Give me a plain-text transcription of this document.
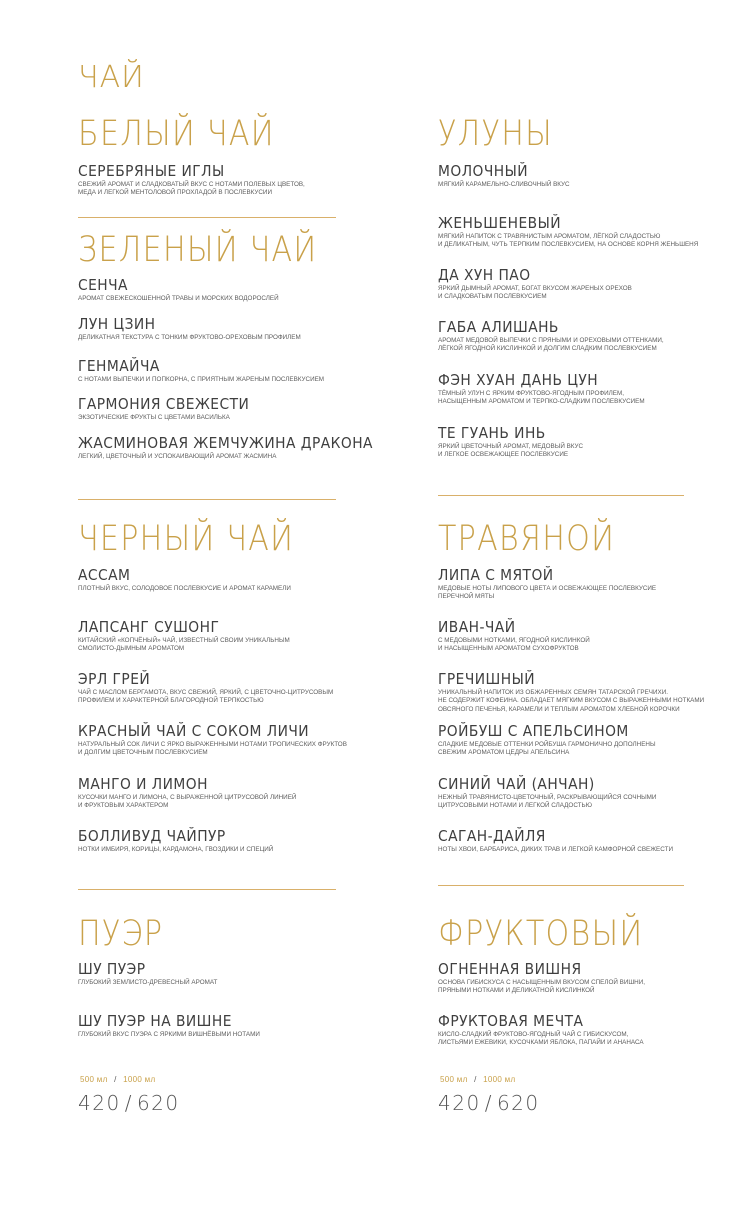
ЧАЙ
БЕЛЫЙ ЧАЙ
СЕРЕБРЯНЫЕ ИГЛЫ
СВЕЖИЙ АРОМАТ И СЛАДКОВАТЫЙ ВКУС С НОТАМИ ПОЛЕВЫХ ЦВЕТОВ,
МЕДА И ЛЕГКОЙ МЕНТОЛОВОЙ ПРОХЛАДОЙ В ПОСЛЕВКУСИИ
ЗЕЛЕНЫЙ ЧАЙ
СЕНЧА
АРОМАТ СВЕЖЕСКОШЕННОЙ ТРАВЫ И МОРСКИХ ВОДОРОСЛЕЙ
ЛУН ЦЗИН
ДЕЛИКАТНАЯ ТЕКСТУРА С ТОНКИМ ФРУКТОВО-ОРЕХОВЫМ ПРОФИЛЕМ
ГЕНМАЙЧА
С НОТАМИ ВЫПЕЧКИ И ПОПКОРНА, С ПРИЯТНЫМ ЖАРЕНЫМ ПОСЛЕВКУСИЕМ
ГАРМОНИЯ СВЕЖЕСТИ
ЭКЗОТИЧЕСКИЕ ФРУКТЫ С ЦВЕТАМИ ВАСИЛЬКА
ЖАСМИНОВАЯ ЖЕМЧУЖИНА ДРАКОНА
ЛЕГКИЙ, ЦВЕТОЧНЫЙ И УСПОКАИВАЮЩИЙ АРОМАТ ЖАСМИНА
ЧЕРНЫЙ ЧАЙ
АССАМ
ПЛОТНЫЙ ВКУС, СОЛОДОВОЕ ПОСЛЕВКУСИЕ И АРОМАТ КАРАМЕЛИ
ЛАПСАНГ СУШОНГ
КИТАЙСКИЙ «КОПЧЁНЫЙ» ЧАЙ, ИЗВЕСТНЫЙ СВОИМ УНИКАЛЬНЫМ
СМОЛИСТО-ДЫМНЫМ АРОМАТОМ
ЭРЛ ГРЕЙ
ЧАЙ С МАСЛОМ БЕРГАМОТА, ВКУС СВЕЖИЙ, ЯРКИЙ, С ЦВЕТОЧНО-ЦИТРУСОВЫМ
ПРОФИЛЕМ И ХАРАКТЕРНОЙ БЛАГОРОДНОЙ ТЕРПКОСТЬЮ
КРАСНЫЙ ЧАЙ С СОКОМ ЛИЧИ
НАТУРАЛЬНЫЙ СОК ЛИЧИ С ЯРКО ВЫРАЖЕННЫМИ НОТАМИ ТРОПИЧЕСКИХ ФРУКТОВ
И ДОЛГИМ ЦВЕТОЧНЫМ ПОСЛЕВКУСИЕМ
МАНГО И ЛИМОН
КУСОЧКИ МАНГО И ЛИМОНА, С ВЫРАЖЕННОЙ ЦИТРУСОВОЙ ЛИНИЕЙ
И ФРУКТОВЫМ ХАРАКТЕРОМ
БОЛЛИВУД ЧАЙПУР
НОТКИ ИМБИРЯ, КОРИЦЫ, КАРДАМОНА, ГВОЗДИКИ И СПЕЦИЙ
ПУЭР
ШУ ПУЭР
ГЛУБОКИЙ ЗЕМЛИСТО-ДРЕВЕСНЫЙ АРОМАТ
ШУ ПУЭР НА ВИШНЕ
ГЛУБОКИЙ ВКУС ПУЭРА С ЯРКИМИ ВИШНЁВЫМИ НОТАМИ
500 мл / 1000 мл
420 / 620
УЛУНЫ
МОЛОЧНЫЙ
МЯГКИЙ КАРАМЕЛЬНО-СЛИВОЧНЫЙ ВКУС
ЖЕНЬШЕНЕВЫЙ
МЯГКИЙ НАПИТОК С ТРАВЯНИСТЫМ АРОМАТОМ, ЛЁГКОЙ СЛАДОСТЬЮ
И ДЕЛИКАТНЫМ, ЧУТЬ ТЕРПКИМ ПОСЛЕВКУСИЕМ, НА ОСНОВЕ КОРНЯ ЖЕНЬШЕНЯ
ДА ХУН ПАО
ЯРКИЙ ДЫМНЫЙ АРОМАТ, БОГАТ ВКУСОМ ЖАРЕНЫХ ОРЕХОВ
И СЛАДКОВАТЫМ ПОСЛЕВКУСИЕМ
ГАБА АЛИШАНЬ
АРОМАТ МЕДОВОЙ ВЫПЕЧКИ С ПРЯНЫМИ И ОРЕХОВЫМИ ОТТЕНКАМИ,
ЛЁГКОЙ ЯГОДНОЙ КИСЛИНКОЙ И ДОЛГИМ СЛАДКИМ ПОСЛЕВКУСИЕМ
ФЭН ХУАН ДАНЬ ЦУН
ТЁМНЫЙ УЛУН С ЯРКИМ ФРУКТОВО-ЯГОДНЫМ ПРОФИЛЕМ,
НАСЫЩЕННЫМ АРОМАТОМ И ТЕРПКО-СЛАДКИМ ПОСЛЕВКУСИЕМ
ТЕ ГУАНЬ ИНЬ
ЯРКИЙ ЦВЕТОЧНЫЙ АРОМАТ, МЕДОВЫЙ ВКУС
И ЛЕГКОЕ ОСВЕЖАЮЩЕЕ ПОСЛЕВКУСИЕ
ТРАВЯНОЙ
ЛИПА С МЯТОЙ
МЕДОВЫЕ НОТЫ ЛИПОВОГО ЦВЕТА И ОСВЕЖАЮЩЕЕ ПОСЛЕВКУСИЕ
ПЕРЕЧНОЙ МЯТЫ
ИВАН-ЧАЙ
С МЕДОВЫМИ НОТКАМИ, ЯГОДНОЙ КИСЛИНКОЙ
И НАСЫЩЕННЫМ АРОМАТОМ СУХОФРУКТОВ
ГРЕЧИШНЫЙ
УНИКАЛЬНЫЙ НАПИТОК ИЗ ОБЖАРЕННЫХ СЕМЯН ТАТАРСКОЙ ГРЕЧИХИ.
НЕ СОДЕРЖИТ КОФЕИНА. ОБЛАДАЕТ МЯГКИМ ВКУСОМ С ВЫРАЖЕННЫМИ НОТКАМИ
ОВСЯНОГО ПЕЧЕНЬЯ, КАРАМЕЛИ И ТЕПЛЫМ АРОМАТОМ ХЛЕБНОЙ КОРОЧКИ
РОЙБУШ С АПЕЛЬСИНОМ
СЛАДКИЕ МЕДОВЫЕ ОТТЕНКИ РОЙБУША ГАРМОНИЧНО ДОПОЛНЕНЫ
СВЕЖИМ АРОМАТОМ ЦЕДРЫ АПЕЛЬСИНА
СИНИЙ ЧАЙ (АНЧАН)
НЕЖНЫЙ ТРАВЯНИСТО-ЦВЕТОЧНЫЙ, РАСКРЫВАЮЩИЙСЯ СОЧНЫМИ
ЦИТРУСОВЫМИ НОТАМИ И ЛЕГКОЙ СЛАДОСТЬЮ
САГАН-ДАЙЛЯ
НОТЫ ХВОИ, БАРБАРИСА, ДИКИХ ТРАВ И ЛЕГКОЙ КАМФОРНОЙ СВЕЖЕСТИ
ФРУКТОВЫЙ
ОГНЕННАЯ ВИШНЯ
ОСНОВА ГИБИСКУСА С НАСЫЩЕННЫМ ВКУСОМ СПЕЛОЙ ВИШНИ,
ПРЯНЫМИ НОТКАМИ И ДЕЛИКАТНОЙ КИСЛИНКОЙ
ФРУКТОВАЯ МЕЧТА
КИСЛО-СЛАДКИЙ ФРУКТОВО-ЯГОДНЫЙ ЧАЙ С ГИБИСКУСОМ,
ЛИСТЬЯМИ ЕЖЕВИКИ, КУСОЧКАМИ ЯБЛОКА, ПАПАЙИ И АНАНАСА
500 мл / 1000 мл
420 / 620
